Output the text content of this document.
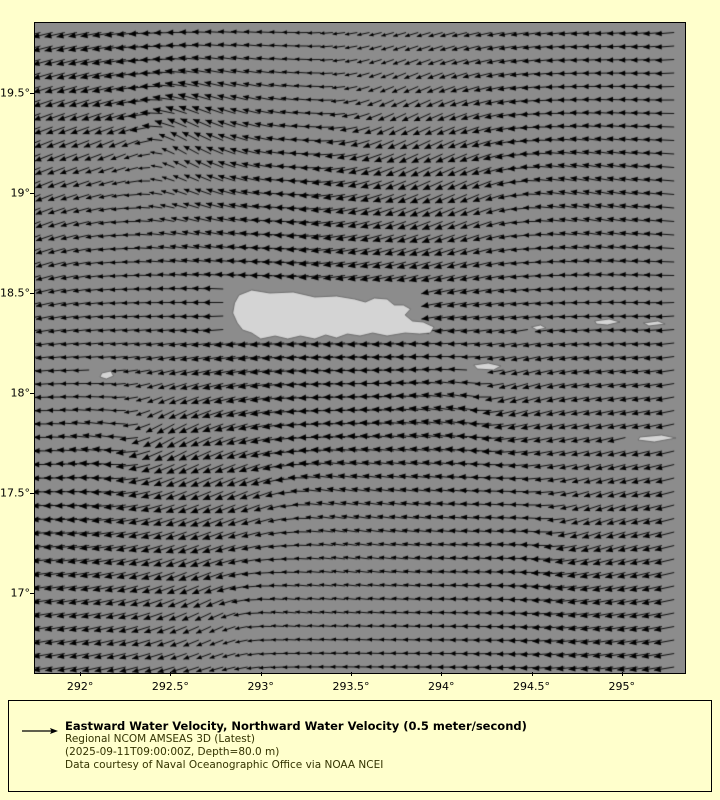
17°
17.5°
18°
18.5°
19°
19.5°
292°	292.5°	293°	293.5°	294°	294.5°	295°
Eastward Water Velocity, Northward Water Velocity (0.5 meter/second)
Regional NCOM AMSEAS 3D (Latest)
(2025-09-11T09:00:00Z, Depth=80.0 m)
Data courtesy of Naval Oceanographic Office via NOAA NCEI
